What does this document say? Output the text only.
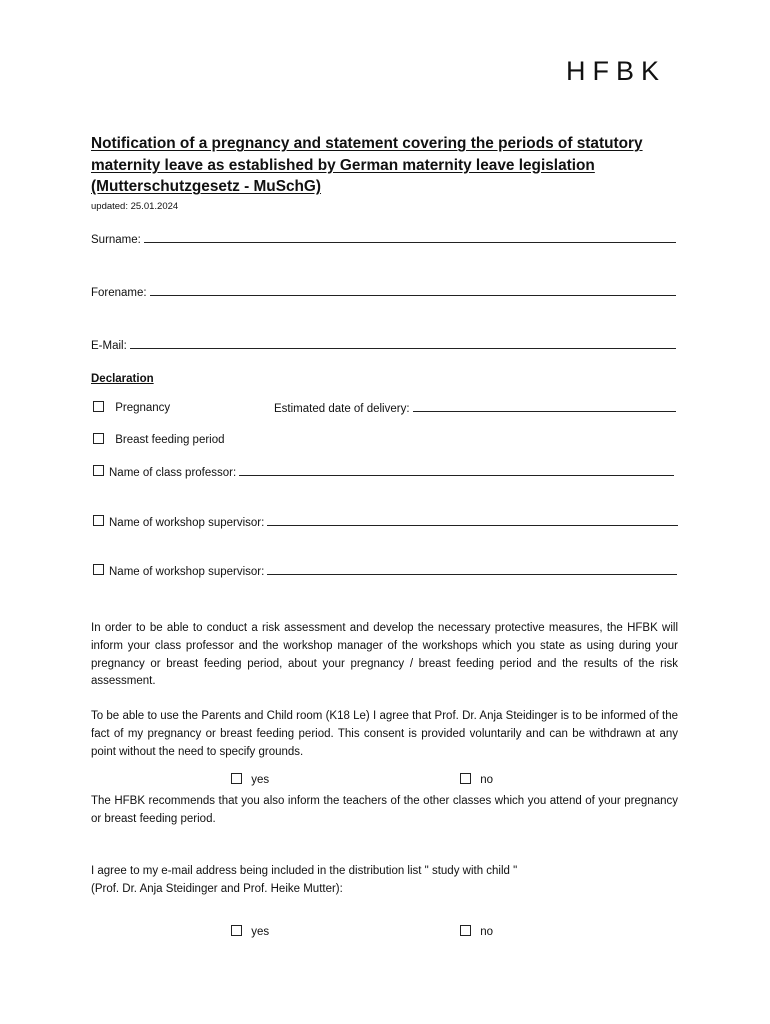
HFBK
Notification of a pregnancy and statement covering the periods of statutory maternity leave as established by German maternity leave legislation (Mutterschutzgesetz - MuSchG)
updated: 25.01.2024
Surname:
Forename:
E-Mail:
Declaration
Pregnancy	Estimated date of delivery:
Breast feeding period
Name of class professor:
Name of workshop supervisor:
Name of workshop supervisor:
In order to be able to conduct a risk assessment and develop the necessary protective measures, the HFBK will inform your class professor and the workshop manager of the workshops which you state as using during your pregnancy or breast feeding period, about your pregnancy / breast feeding period and the results of the risk assessment.
To be able to use the Parents and Child room (K18 Le) I agree that Prof. Dr. Anja Steidinger is to be informed of the fact of my pregnancy or breast feeding period. This consent is provided voluntarily and can be withdrawn at any point without the need to specify grounds.
yes	no
The HFBK recommends that you also inform the teachers of the other classes which you attend of your pregnancy or breast feeding period.
I agree to my e-mail address being included in the distribution list " study with child "
(Prof. Dr. Anja Steidinger and Prof. Heike Mutter):
yes	no
